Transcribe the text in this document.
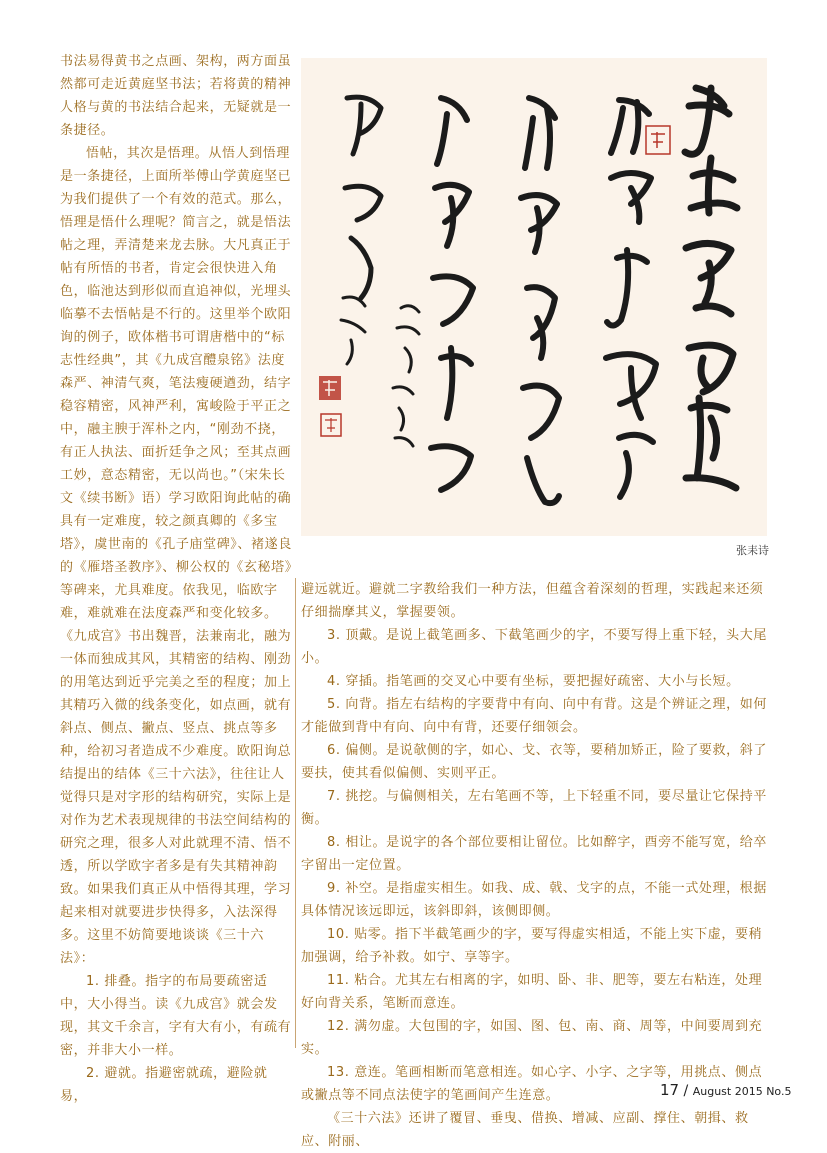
书法易得黄书之点画、架构，两方面虽然都可走近黄庭坚书法；若将黄的精神人格与黄的书法结合起来，无疑就是一条捷径。

悟帖，其次是悟理。从悟人到悟理是一条捷径，上面所举傅山学黄庭坚已为我们提供了一个有效的范式。那么，悟理是悟什么理呢？简言之，就是悟法帖之理，弄清楚来龙去脉。大凡真正于帖有所悟的书者，肯定会很快进入角色，临池达到形似而直追神似，光埋头临摹不去悟帖是不行的。这里举个欧阳询的例子，欧体楷书可谓唐楷中的“标志性经典”，其《九成宫醴泉铭》法度森严、神清气爽，笔法瘦硬遒劲，结字稳容精密，风神严利，寓峻险于平正之中，融主腴于浑朴之内，“刚劲不挠，有正人执法、面折廷争之风；至其点画工妙，意态精密，无以尚也。”（宋朱长文《续书断》语）学习欧阳询此帖的确具有一定难度，较之颜真卿的《多宝塔》，虞世南的《孔子庙堂碑》、褚遂良的《雁塔圣教序》、柳公权的《玄秘塔》等碑来，尤具难度。依我见，临欧字难，难就难在法度森严和变化较多。《九成宫》书出魏晋，法兼南北，融为一体而独成其风，其精密的结构、刚劲的用笔达到近乎完美之至的程度；加上其精巧入微的线条变化，如点画，就有斜点、侧点、撇点、竖点、挑点等多种，给初习者造成不少难度。欧阳询总结提出的结体《三十六法》，往往让人觉得只是对字形的结构研究，实际上是对作为艺术表现规律的书法空间结构的研究之理，很多人对此就理不清、悟不透，所以学欧字者多是有失其精神韵致。如果我们真正从中悟得其理，学习起来相对就要进步快得多，入法深得多。这里不妨简要地谈谈《三十六法》：

1. 排叠。指字的布局要疏密适中，大小得当。读《九成宫》就会发现，其文千余言，字有大有小，有疏有密，并非大小一样。

2. 避就。指避密就疏，避险就易，

张耒诗

避远就近。避就二字教给我们一种方法，但蕴含着深刻的哲理，实践起来还须仔细揣摩其义，掌握要领。

3. 顶戴。是说上截笔画多、下截笔画少的字，不要写得上重下轻，头大尾小。

4. 穿插。指笔画的交叉心中要有坐标，要把握好疏密、大小与长短。

5. 向背。指左右结构的字要背中有向、向中有背。这是个辨证之理，如何才能做到背中有向、向中有背，还要仔细领会。

6. 偏侧。是说欹侧的字，如心、戈、衣等，要稍加矫正，险了要救，斜了要扶，使其看似偏侧、实则平正。

7. 挑挖。与偏侧相关，左右笔画不等，上下轻重不同，要尽量让它保持平衡。

8. 相让。是说字的各个部位要相让留位。比如醉字，酉旁不能写宽，给卒字留出一定位置。

9. 补空。是指虚实相生。如我、成、戟、戈字的点，不能一式处理，根据具体情况该远即远，该斜即斜，该侧即侧。

10. 贴零。指下半截笔画少的字，要写得虚实相适，不能上实下虚，要稍加强调，给予补救。如宁、享等字。

11. 粘合。尤其左右相离的字，如明、卧、非、肥等，要左右粘连，处理好向背关系，笔断而意连。

12. 满勿虚。大包围的字，如国、图、包、南、商、周等，中间要周到充实。

13. 意连。笔画相断而笔意相连。如心字、小字、之字等，用挑点、侧点或撇点等不同点法使字的笔画间产生连意。

《三十六法》还讲了覆冒、垂曳、借换、增减、应副、撑住、朝揖、救应、附丽、

17 / August 2015 No.5
